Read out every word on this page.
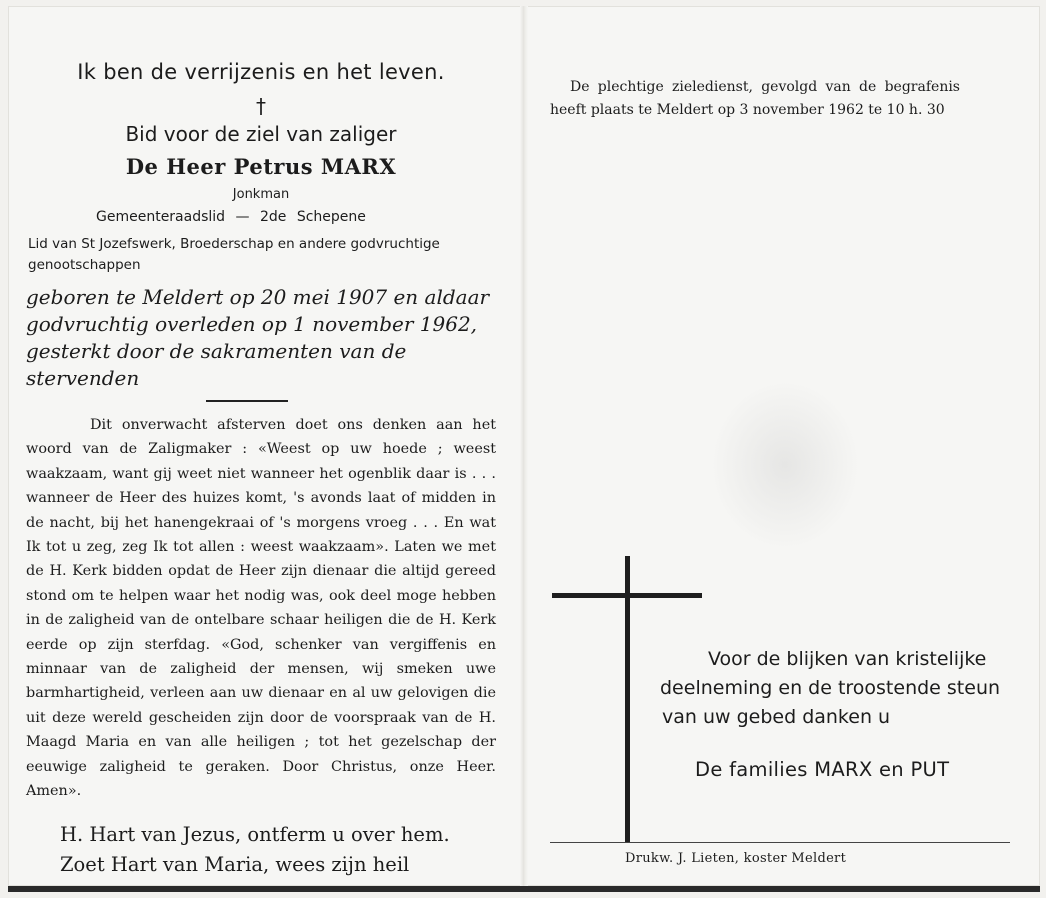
Ik ben de verrijzenis en het leven.
†
Bid voor de ziel van zaliger
De Heer Petrus MARX
Jonkman
Gemeenteraadslid — 2de Schepene
Lid van St Jozefswerk, Broederschap en andere godvruchtige genootschappen
geboren te Meldert op 20 mei 1907 en aldaar godvruchtig overleden op 1 november 1962, gesterkt door de sakramenten van de stervenden

Dit onverwacht afsterven doet ons denken aan het woord van de Zaligmaker : «Weest op uw hoede ; weest waakzaam, want gij weet niet wanneer het ogenblik daar is . . . wanneer de Heer des huizes komt, 's avonds laat of midden in de nacht, bij het hanengekraai of 's morgens vroeg . . . En wat Ik tot u zeg, zeg Ik tot allen : weest waakzaam». Laten we met de H. Kerk bidden opdat de Heer zijn dienaar die altijd gereed stond om te helpen waar het nodig was, ook deel moge hebben in de zaligheid van de ontelbare schaar heiligen die de H. Kerk eerde op zijn sterfdag. «God, schenker van vergiffenis en minnaar van de zaligheid der mensen, wij smeken uwe barmhartigheid, verleen aan uw dienaar en al uw gelovigen die uit deze wereld gescheiden zijn door de voorspraak van de H. Maagd Maria en van alle heiligen ; tot het gezelschap der eeuwige zaligheid te geraken. Door Christus, onze Heer. Amen».

H. Hart van Jezus, ontferm u over hem.
Zoet Hart van Maria, wees zijn heil

De plechtige zieledienst, gevolgd van de begrafenis heeft plaats te Meldert op 3 november 1962 te 10 h. 30

Voor de blijken van kristelijke
deelneming en de troostende steun
van uw gebed danken u
De families MARX en PUT
Drukw. J. Lieten, koster Meldert
